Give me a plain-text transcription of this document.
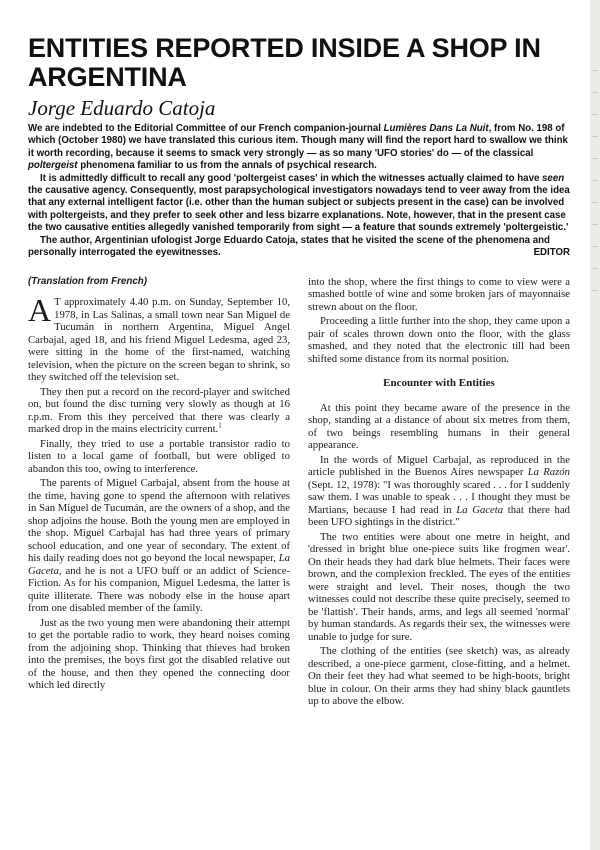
ENTITIES REPORTED INSIDE A SHOP IN ARGENTINA
Jorge Eduardo Catoja

We are indebted to the Editorial Committee of our French companion-journal Lumières Dans La Nuit, from No. 198 of which (October 1980) we have translated this curious item. Though many will find the report hard to swallow we think it worth recording, because it seems to smack very strongly — as so many 'UFO stories' do — of the classical poltergeist phenomena familiar to us from the annals of psychical research.

It is admittedly difficult to recall any good 'poltergeist cases' in which the witnesses actually claimed to have seen the causative agency. Consequently, most parapsychological investigators nowadays tend to veer away from the idea that any external intelligent factor (i.e. other than the human subject or subjects present in the case) can be involved with poltergeists, and they prefer to seek other and less bizarre explanations. Note, however, that in the present case the two causative entities allegedly vanished temporarily from sight — a feature that sounds extremely 'poltergeistic.'

The author, Argentinian ufologist Jorge Eduardo Catoja, states that he visited the scene of the phenomena and personally interrogated the eyewitnesses.	EDITOR

(Translation from French)

A T approximately 4.40 p.m. on Sunday, September 10, 1978, in Las Salinas, a small town near San Miguel de Tucumán in northern Argentina, Miguel Angel Carbajal, aged 18, and his friend Miguel Ledesma, aged 23, were sitting in the home of the first-named, watching television, when the picture on the screen began to shrink, so they switched off the television set.

They then put a record on the record-player and switched on, but found the disc turning very slowly as though at 16 r.p.m. From this they perceived that there was clearly a marked drop in the mains electricity current.$^1$

Finally, they tried to use a portable transistor radio to listen to a local game of football, but were obliged to abandon this too, owing to interference.

The parents of Miguel Carbajal, absent from the house at the time, having gone to spend the afternoon with relatives in San Miguel de Tucumán, are the owners of a shop, and the shop adjoins the house. Both the young men are employed in the shop. Miguel Carbajal has had three years of primary school education, and one year of secondary. The extent of his daily reading does not go beyond the local newspaper, La Gaceta, and he is not a UFO buff or an addict of Science-Fiction. As for his companion, Miguel Ledesma, the latter is quite illiterate. There was nobody else in the house apart from one disabled member of the family.

Just as the two young men were abandoning their attempt to get the portable radio to work, they heard noises coming from the adjoining shop. Thinking that thieves had broken into the premises, the boys first got the disabled relative out of the house, and then they opened the connecting door which led directly

into the shop, where the first things to come to view were a smashed bottle of wine and some broken jars of mayonnaise strewn about on the floor.

Proceeding a little further into the shop, they came upon a pair of scales thrown down onto the floor, with the glass smashed, and they noted that the electronic till had been shifted some distance from its normal position.

Encounter with Entities

At this point they became aware of the presence in the shop, standing at a distance of about six metres from them, of two beings resembling humans in their general appearance.

In the words of Miguel Carbajal, as reproduced in the article published in the Buenos Aires newspaper La Razón (Sept. 12, 1978): "I was thoroughly scared . . . for I suddenly saw them. I was unable to speak . . . I thought they must be Martians, because I had read in La Gaceta that there had been UFO sightings in the district."

The two entities were about one metre in height, and 'dressed in bright blue one-piece suits like frogmen wear'. On their heads they had dark blue helmets. Their faces were brown, and the complexion freckled. The eyes of the entities were straight and level. Their noses, though the two witnesses could not describe these quite precisely, seemed to be 'flattish'. Their hands, arms, and legs all seemed 'normal' by human standards. As regards their sex, the witnesses were unable to judge for sure.

The clothing of the entities (see sketch) was, as already described, a one-piece garment, close-fitting, and a helmet. On their feet they had what seemed to be high-boots, bright blue in colour. On their arms they had shiny black gauntlets up to above the elbow.
